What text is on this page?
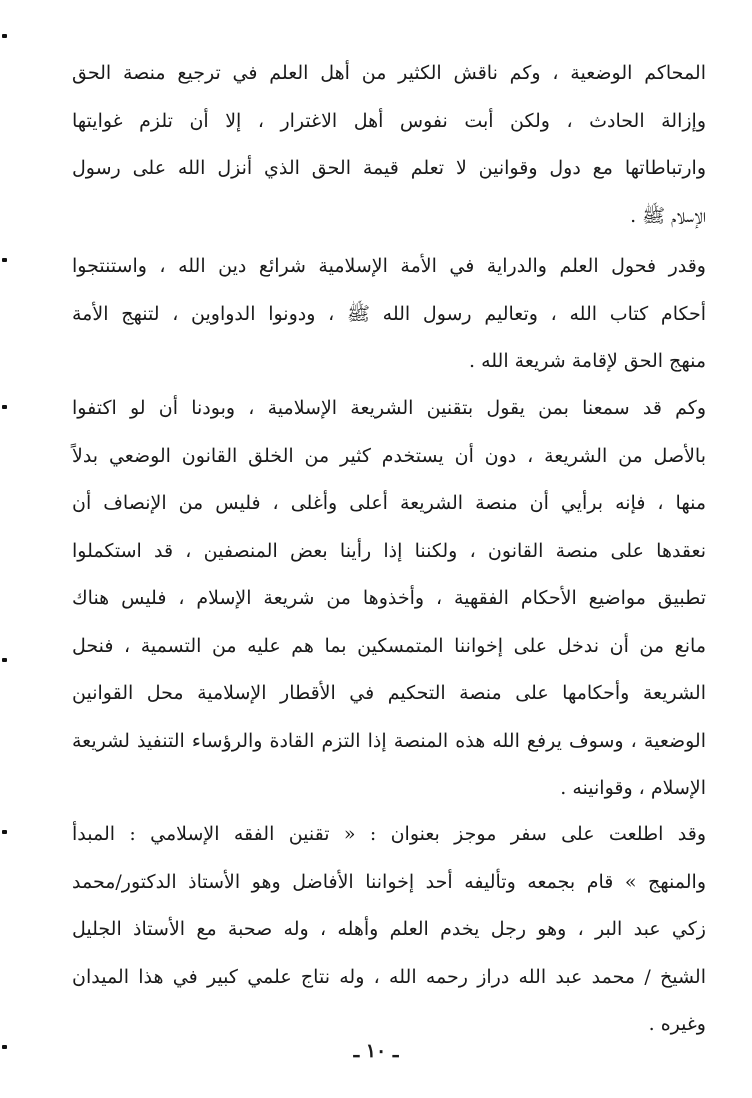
المحاكم الوضعية ، وكم ناقش الكثير من أهل العلم في ترجيع منصة الحق
وإزالة الحادث ، ولكن أبت نفوس أهل الاغترار ، إلا أن تلزم غوايتها
وارتباطاتها مع دول وقوانين لا تعلم قيمة الحق الذي أنزل الله على رسول
الإسلام ﷺ .
وقدر فحول العلم والدراية في الأمة الإسلامية شرائع دين الله ، واستنتجوا
أحكام كتاب الله ، وتعاليم رسول الله ﷺ ، ودونوا الدواوين ، لتنهج الأمة
منهج الحق لإقامة شريعة الله .
وكم قد سمعنا بمن يقول بتقنين الشريعة الإسلامية ، وبودنا أن لو اكتفوا
بالأصل من الشريعة ، دون أن يستخدم كثير من الخلق القانون الوضعي بدلاً
منها ، فإنه برأيي أن منصة الشريعة أعلى وأغلى ، فليس من الإنصاف أن
نعقدها على منصة القانون ، ولكننا إذا رأينا بعض المنصفين ، قد استكملوا
تطبيق مواضيع الأحكام الفقهية ، وأخذوها من شريعة الإسلام ، فليس هناك
مانع من أن ندخل على إخواننا المتمسكين بما هم عليه من التسمية ، فنحل
الشريعة وأحكامها على منصة التحكيم في الأقطار الإسلامية محل القوانين
الوضعية ، وسوف يرفع الله هذه المنصة إذا التزم القادة والرؤساء التنفيذ لشريعة
الإسلام ، وقوانينه .
وقد اطلعت على سفر موجز بعنوان : « تقنين الفقه الإسلامي : المبدأ
والمنهج » قام بجمعه وتأليفه أحد إخواننا الأفاضل وهو الأستاذ الدكتور/محمد
زكي عبد البر ، وهو رجل يخدم العلم وأهله ، وله صحبة مع الأستاذ الجليل
الشيخ / محمد عبد الله دراز رحمه الله ، وله نتاج علمي كبير في هذا الميدان
وغيره .
ـ ١٠ ـ
